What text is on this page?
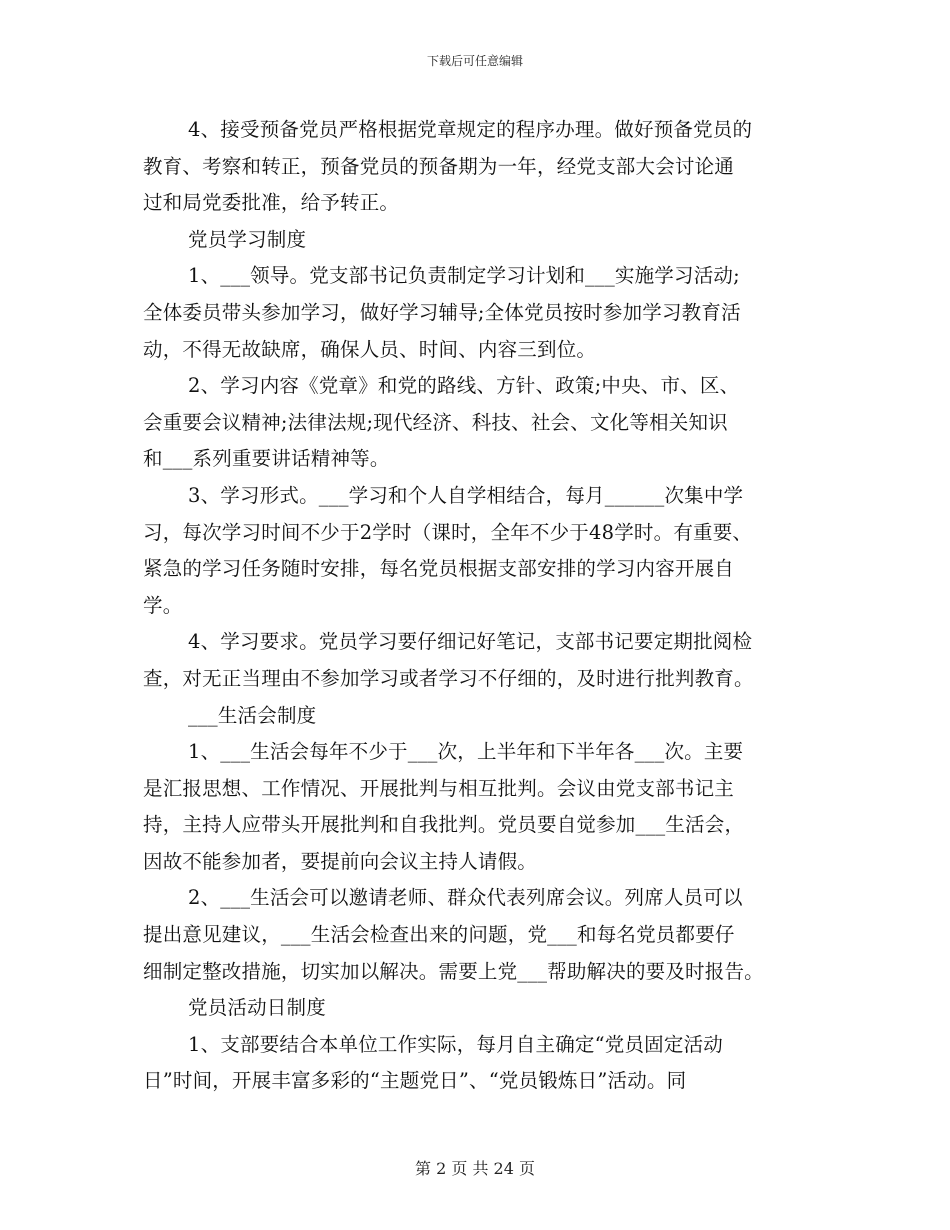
下载后可任意编辑
4、接受预备党员严格根据党章规定的程序办理。做好预备党员的
教育、考察和转正，预备党员的预备期为一年，经党支部大会讨论通
过和局党委批准，给予转正。
党员学习制度
1、___领导。党支部书记负责制定学习计划和___实施学习活动;
全体委员带头参加学习，做好学习辅导;全体党员按时参加学习教育活
动，不得无故缺席，确保人员、时间、内容三到位。
2、学习内容《党章》和党的路线、方针、政策;中央、市、区、
会重要会议精神;法律法规;现代经济、科技、社会、文化等相关知识
和___系列重要讲话精神等。
3、学习形式。___学习和个人自学相结合，每月______次集中学
习，每次学习时间不少于2学时（课时，全年不少于48学时。有重要、
紧急的学习任务随时安排，每名党员根据支部安排的学习内容开展自
学。
4、学习要求。党员学习要仔细记好笔记，支部书记要定期批阅检
查，对无正当理由不参加学习或者学习不仔细的，及时进行批判教育。
___生活会制度
1、___生活会每年不少于___次，上半年和下半年各___次。主要
是汇报思想、工作情况、开展批判与相互批判。会议由党支部书记主
持，主持人应带头开展批判和自我批判。党员要自觉参加___生活会，
因故不能参加者，要提前向会议主持人请假。
2、___生活会可以邀请老师、群众代表列席会议。列席人员可以
提出意见建议，___生活会检查出来的问题，党___和每名党员都要仔
细制定整改措施，切实加以解决。需要上党___帮助解决的要及时报告。
党员活动日制度
1、支部要结合本单位工作实际，每月自主确定“党员固定活动
日”时间，开展丰富多彩的“主题党日”、“党员锻炼日”活动。同
第 2 页 共 24 页
